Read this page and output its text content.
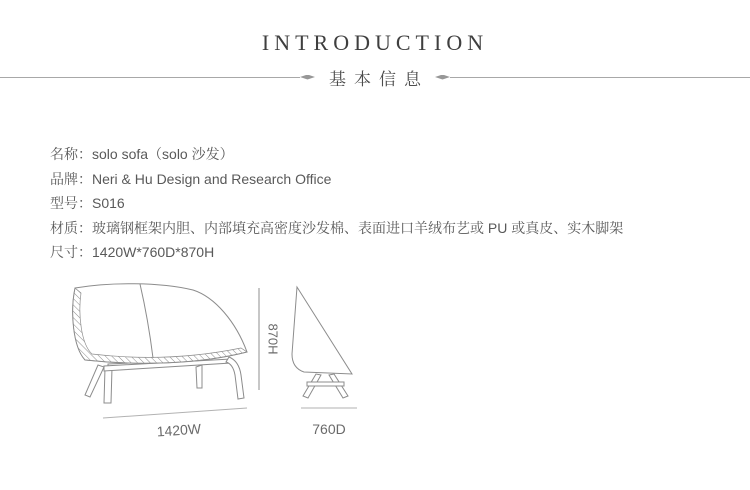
INTRODUCTION
基本信息
名称：solo sofa（solo 沙发）
品牌：Neri & Hu Design and Research Office
型号：S016
材质：玻璃钢框架内胆、内部填充高密度沙发棉、表面进口羊绒布艺或 PU 或真皮、实木脚架
尺寸：1420W*760D*870H
870H
1420W	760D
